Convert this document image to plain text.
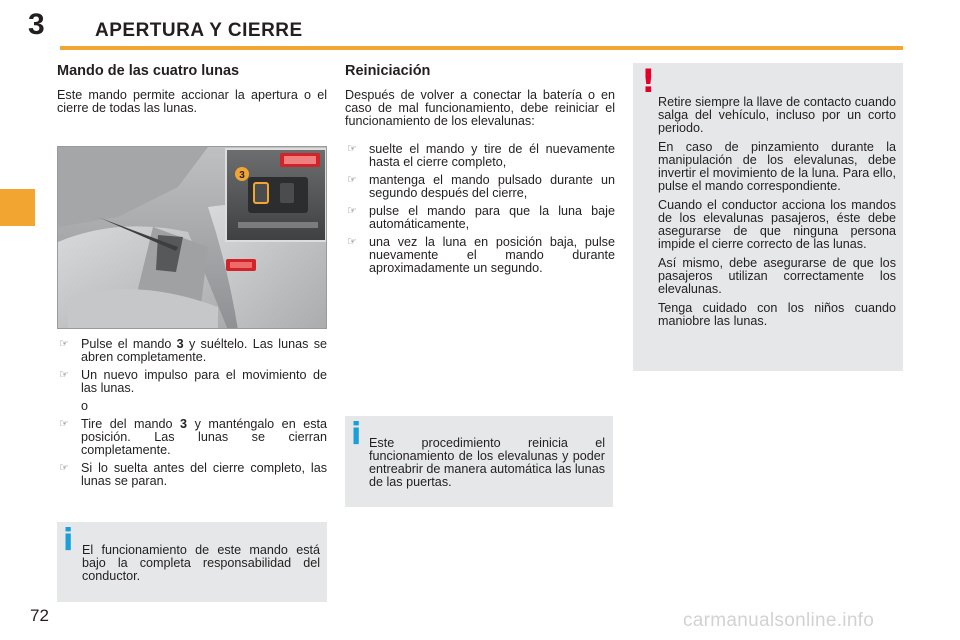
3	APERTURA Y CIERRE
Mando de las cuatro lunas
Este mando permite accionar la apertura o el cierre de todas las lunas.
3
☞ Pulse el mando 3 y suéltelo. Las lunas se abren completamente.
☞ Un nuevo impulso para el movimiento de las lunas.
o
☞ Tire del mando 3 y manténgalo en esta posición. Las lunas se cierran completamente.
☞ Si lo suelta antes del cierre completo, las lunas se paran.
i El funcionamiento de este mando está bajo la completa responsabilidad del conductor.
Reiniciación
Después de volver a conectar la batería o en caso de mal funcionamiento, debe reiniciar el funcionamiento de los elevalunas:
☞ suelte el mando y tire de él nuevamente hasta el cierre completo,
☞ mantenga el mando pulsado durante un segundo después del cierre,
☞ pulse el mando para que la luna baje automáticamente,
☞ una vez la luna en posición baja, pulse nuevamente el mando durante aproximadamente un segundo.
i Este procedimiento reinicia el funcionamiento de los elevalunas y poder entreabrir de manera automática las lunas de las puertas.
!

Retire siempre la llave de contacto cuando salga del vehículo, incluso por un corto periodo.

En caso de pinzamiento durante la manipulación de los elevalunas, debe invertir el movimiento de la luna. Para ello, pulse el mando correspondiente.

Cuando el conductor acciona los mandos de los elevalunas pasajeros, éste debe asegurarse de que ninguna persona impide el cierre correcto de las lunas.

Así mismo, debe asegurarse de que los pasajeros utilizan correctamente los elevalunas.

Tenga cuidado con los niños cuando maniobre las lunas.

72	carmanualsonline.info
